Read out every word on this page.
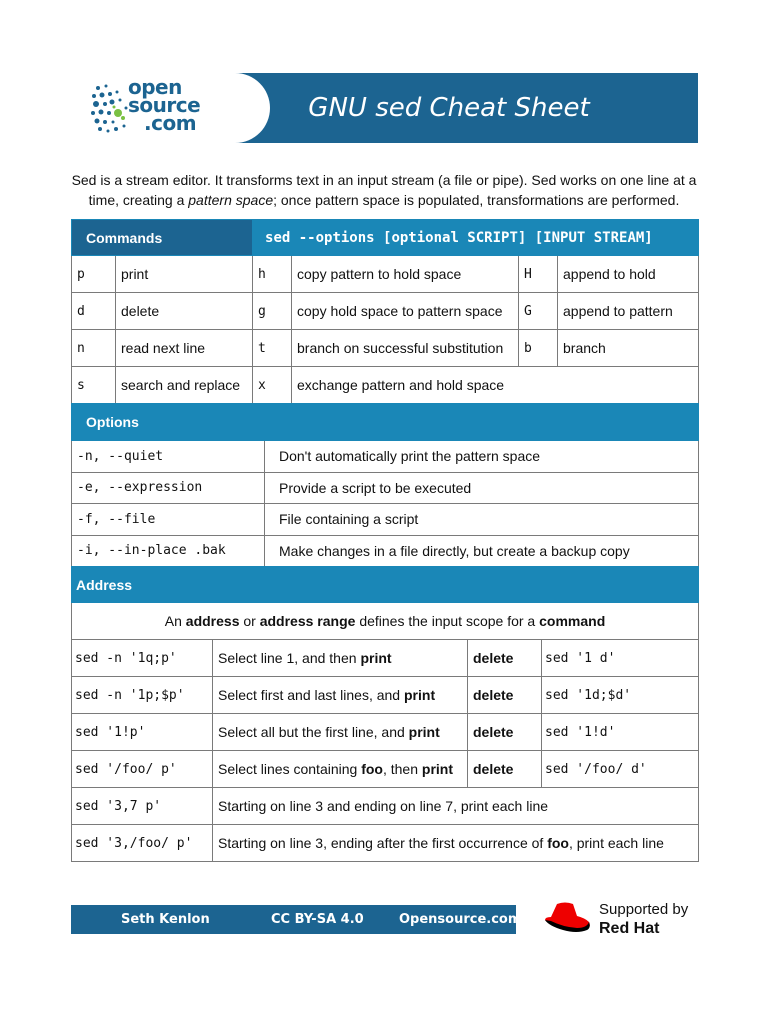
open
source
.com	GNU sed Cheat Sheet
Sed is a stream editor. It transforms text in an input stream (a file or pipe). Sed works on one line at a time, creating a pattern space; once pattern space is populated, transformations are performed.
Commands		sed --options [optional SCRIPT] [INPUT STREAM]			
p	print	h	copy pattern to hold space	H	append to hold
d	delete	g	copy hold space to pattern space	G	append to pattern
n	read next line	t	branch on successful substitution	b	branch
s	search and replace	x	exchange pattern and hold space		
Options	
-n, --quiet	Don't automatically print the pattern space
-e, --expression	Provide a script to be executed
-f, --file	File containing a script
-i, --in-place .bak	Make changes in a file directly, but create a backup copy
Address			
An address or address range defines the input scope for a command			
sed -n '1q;p'	Select line 1, and then print	delete	sed '1 d'
sed -n '1p;$p'	Select first and last lines, and print	delete	sed '1d;$d'
sed '1!p'	Select all but the first line, and print	delete	sed '1!d'
sed '/foo/ p'	Select lines containing foo, then print	delete	sed '/foo/ d'
sed '3,7 p'	Starting on line 3 and ending on line 7, print each line		
sed '3,/foo/ p'	Starting on line 3, ending after the first occurrence of foo, print each line		
Seth Kenlon	CC BY-SA 4.0	Opensource.com
Supported by
Red Hat
